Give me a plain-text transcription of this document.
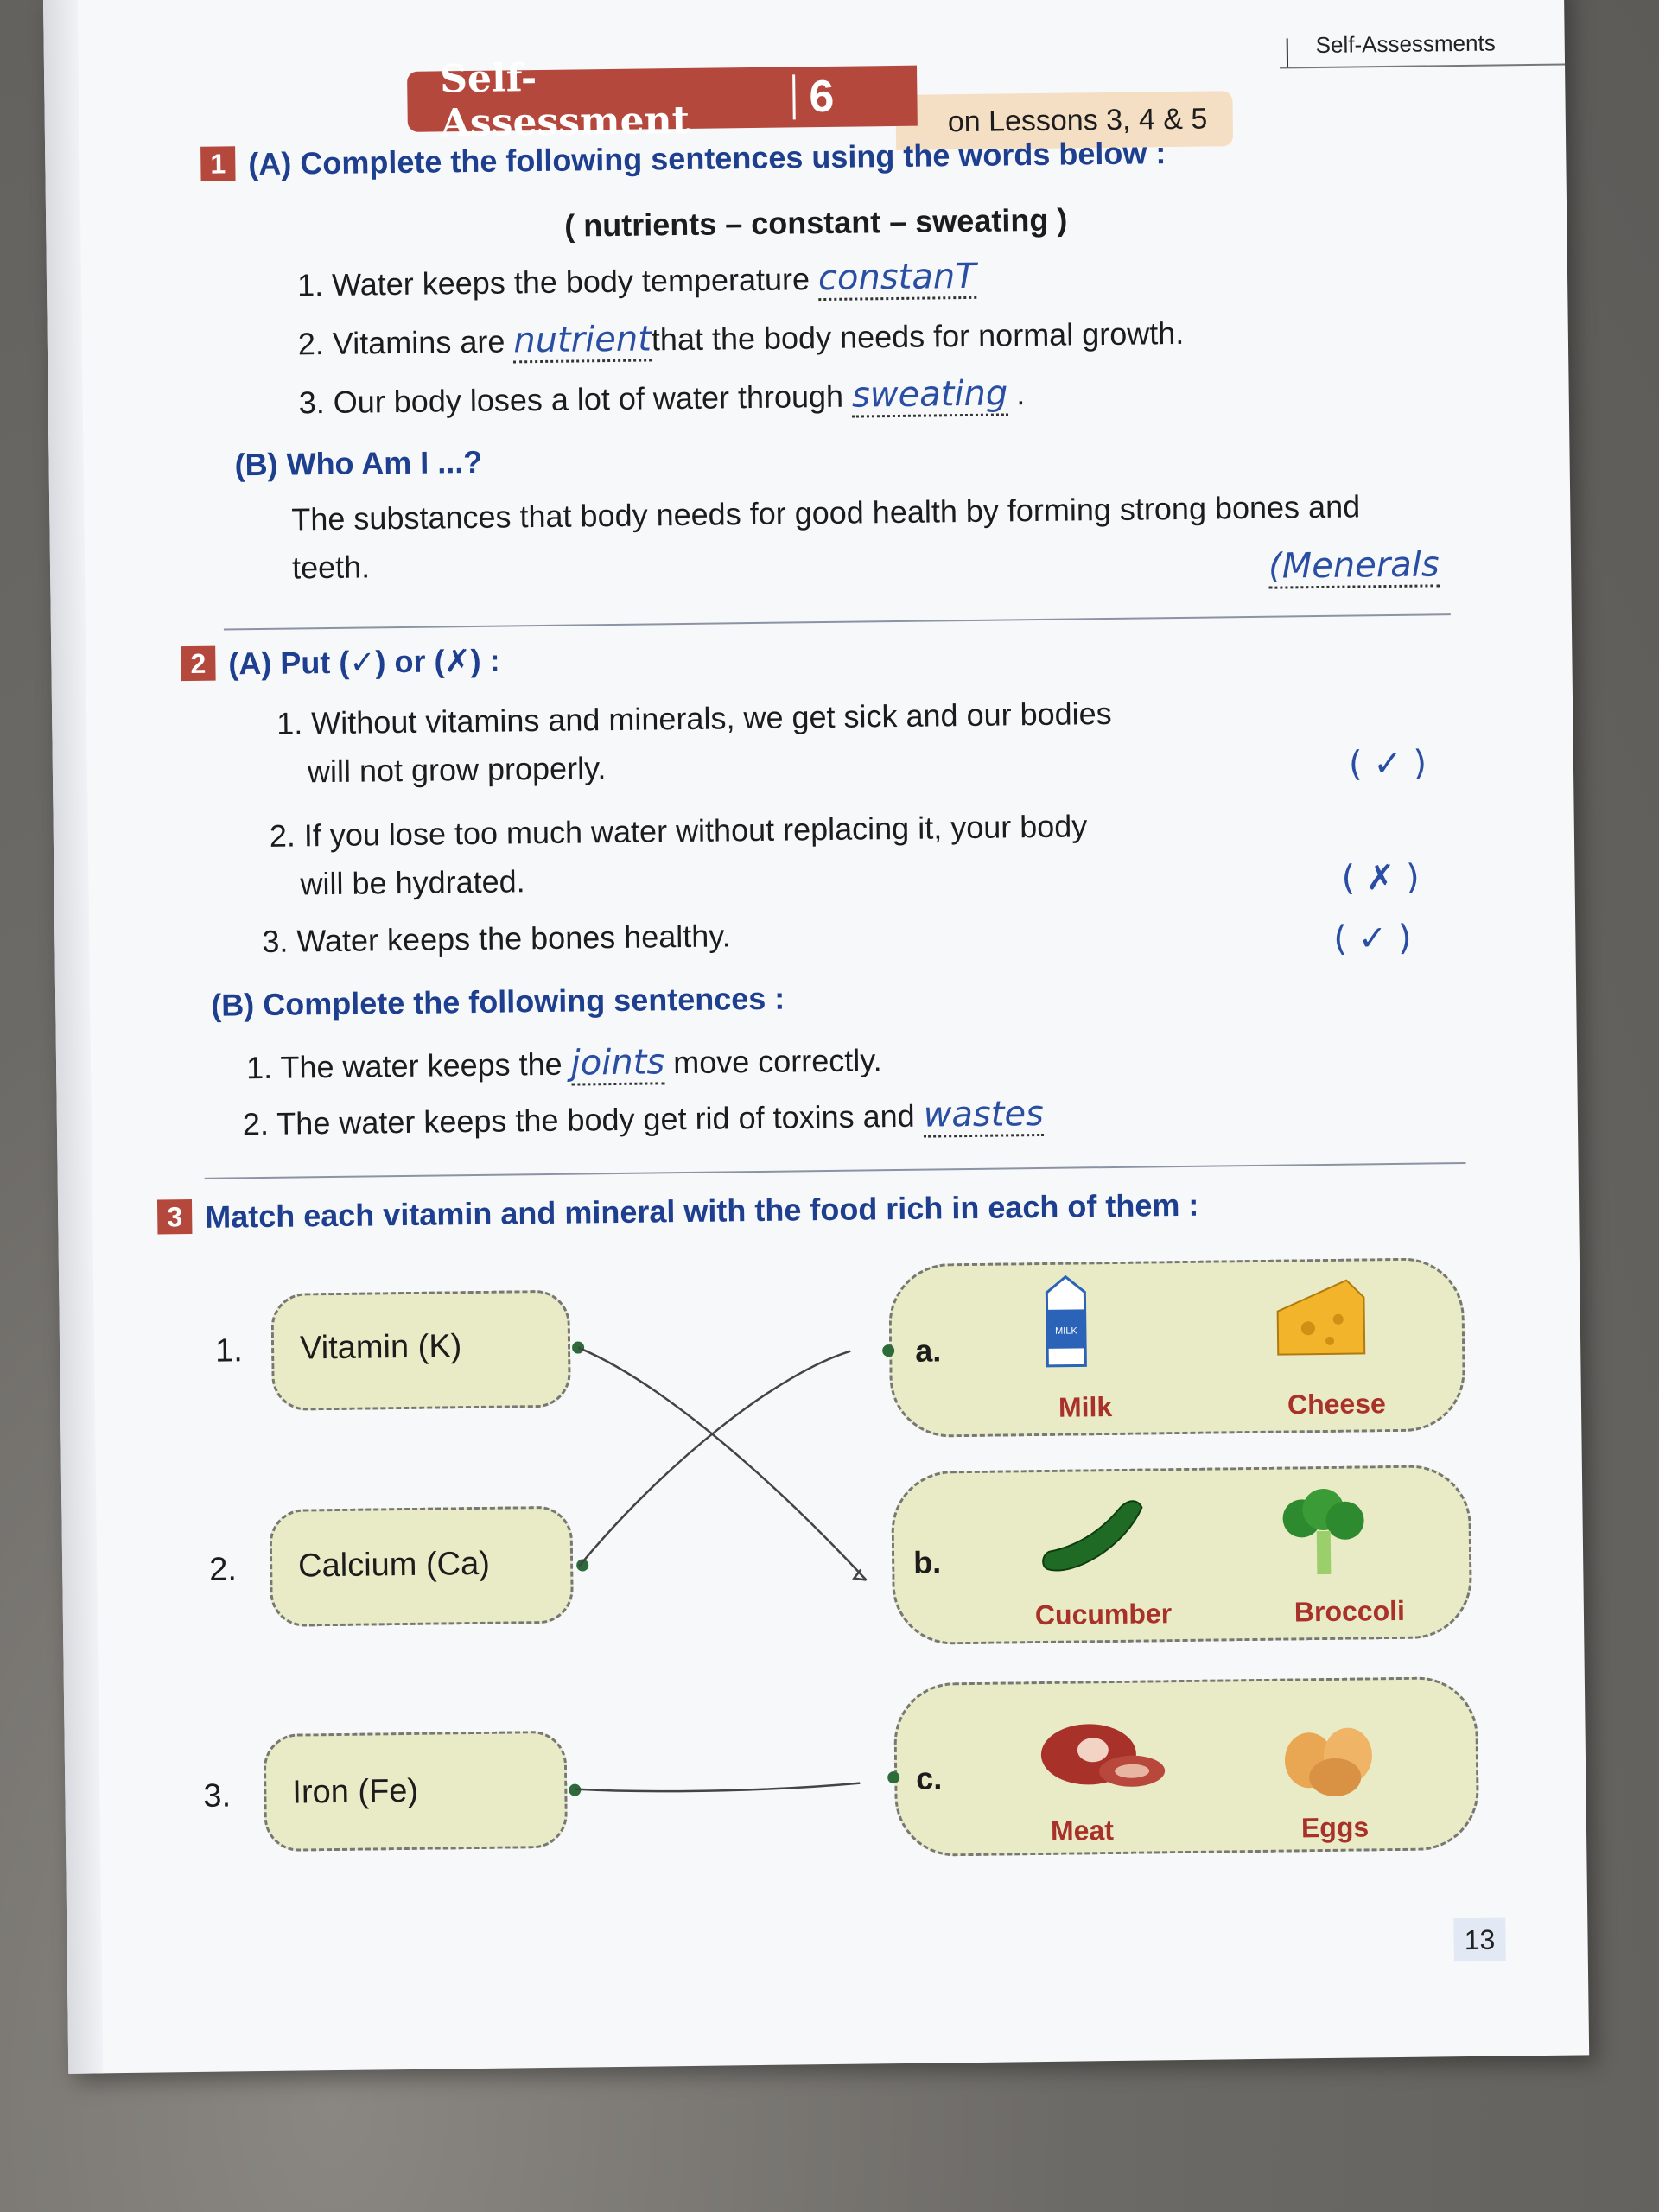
Self-Assessments
on Lessons 3, 4 & 5
Self-Assessment	6
1 (A) Complete the following sentences using the words below :
( nutrients – constant – sweating )
1. Water keeps the body temperature constanT
2. Vitamins are nutrientthat the body needs for normal growth.
3. Our body loses a lot of water through sweating .
(B) Who Am I ...?
The substances that body needs for good health by forming strong bones and
teeth.	(Menerals
2 (A) Put (✓) or (✗) :
1. Without vitamins and minerals, we get sick and our bodies
will not grow properly.	( ✓ )
2. If you lose too much water without replacing it, your body
will be hydrated.	( ✗ )
3. Water keeps the bones healthy.	( ✓ )
(B) Complete the following sentences :
1. The water keeps the joints move correctly.
2. The water keeps the body get rid of toxins and wastes
3 Match each vitamin and mineral with the food rich in each of them :
1. Vitamin (K)
2. Calcium (Ca)
3. Iron (Fe)
a.
MILK
Milk	Cheese
b.
Cucumber	Broccoli
c.
Meat	Eggs
13
